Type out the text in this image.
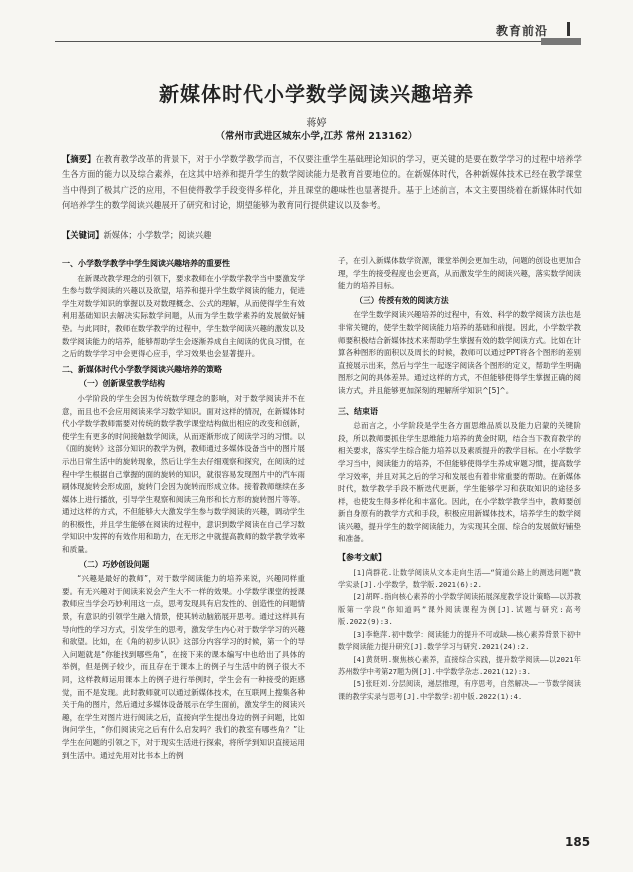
教育前沿
新媒体时代小学数学阅读兴趣培养
蒋婷
（常州市武进区城东小学,江苏 常州 213162）
【摘要】在教育教学改革的背景下，对于小学数学教学而言，不仅要注重学生基础理论知识的学习，更关键的是要在数学学习的过程中培养学生各方面的能力以及综合素养，在这其中培养和提升学生的数学阅读能力是教育首要地位的。在新媒体时代，各种新媒体技术已经在教学课堂当中得到了极其广泛的应用，不但使得教学手段变得多样化，并且课堂的趣味性也显著提升。基于上述前言，本文主要围绕着在新媒体时代如何培养学生的数学阅读兴趣展开了研究和讨论，期望能够为教育同行提供建议以及参考。
【关键词】新媒体；小学数学；阅读兴趣
一、小学数学教学中学生阅读兴趣培养的重要性

在新课改教学理念的引领下，要求教师在小学数学教学当中要激发学生参与数学阅读的兴趣以及欲望，培养和提升学生数学阅读的能力，促进学生对数学知识的掌握以及对数理概念、公式的理解，从而使得学生有效利用基础知识去解决实际数学问题，从而为学生数学素养的发展做好铺垫。与此同时，教师在数学教学的过程中，学生数学阅读兴趣的激发以及数学阅读能力的培养，能够帮助学生会逐渐养成自主阅读的优良习惯，在之后的数学学习中会更得心应手，学习效果也会显著提升。

二、新媒体时代小学数学阅读兴趣培养的策略
（一）创新课堂教学结构

小学阶段的学生会因为传统数学理念的影响，对于数学阅读并不在意，而且也不会应用阅读来学习数学知识。面对这样的情况，在新媒体时代小学数学教师需要对传统的数学教学课堂结构做出相应的改变和创新，使学生有更多的时间接触数学阅读，从而逐渐形成了阅读学习的习惯。以《面的旋转》这部分知识的教学为例，教师通过多媒体设备当中的图片展示出日常生活中的旋转现象，然后让学生去仔细观察和探究，在阅读的过程中学生根据自己掌握的面的旋转的知识，就很容易发现图片中的汽车雨刷体现旋转会形成面，旋转门会因为旋转而形成立体。接着教师继续在多媒体上进行播放，引导学生观察和阅读三角形和长方形的旋转图片等等。通过这样的方式，不但能够大大激发学生参与数学阅读的兴趣，调动学生的积极性，并且学生能够在阅读的过程中，意识到数学阅读在自己学习数学知识中发挥的有效作用和助力，在无形之中就提高教师的数学教学效率和质量。

（二）巧妙创设问题

“兴趣是最好的教师”，对于数学阅读能力的培养来说，兴趣同样重要。有无兴趣对于阅读来说会产生大不一样的效果。小学数学课堂的授课教师应当学会巧妙利用这一点，思考发现具有启发性的、创造性的问题情景，有意识的引领学生融入情景，使其转动脑筋展开思考。通过这样具有导向性的学习方式，引发学生的思考，激发学生内心对于数学学习的兴趣和欲望。比如，在《角的初步认识》这部分内容学习的时候，第一个的导入问题就是“你能找到哪些角”，在接下来的课本编写中也给出了具体的举例，但是例子较少，而且存在于课本上的例子与生活中的例子很大不同，这样教师运用课本上的例子进行举例时，学生会有一种接受的距感觉，而不是发现。此时教师就可以通过新媒体技术，在互联网上搜集各种关于角的图片，然后通过多媒体设备展示在学生面前，激发学生的阅读兴趣，在学生对图片进行阅读之后，直接向学生提出身边的例子问题，比如询问学生，“你们阅读完之后有什么启发吗？我们的教室有哪些角？”让学生在问题的引领之下，对于现实生活进行探索，将所学到知识直接运用到生活中。通过先用对比书本上的例

子，在引入新媒体数学资源，课堂举例会更加生动，问题的创设也更加合理，学生的接受程度也会更高，从而激发学生的阅读兴趣，落实数学阅读能力的培养目标。

（三）传授有效的阅读方法

在学生数学阅读兴趣培养的过程中，有效、科学的数学阅读方法也是非常关键的，使学生数学阅读能力培养的基础和前提。因此，小学数学教师要积极结合新媒体技术来帮助学生掌握有效的数学阅读方式。比如在计算各种图形的面积以及周长的时候，教师可以通过PPT将各个图形的差别直接展示出来，然后与学生一起逐字阅读各个图形的定义，帮助学生明确图形之间的具体差异。通过这样的方式，不但能够使得学生掌握正确的阅读方式，并且能够更加深刻的理解所学知识^[5]^。

三、结束语

总而言之，小学阶段是学生各方面思维品质以及能力启蒙的关键阶段，所以教师要抓住学生思维能力培养的黄金时期，结合当下教育教学的相关要求，落实学生综合能力培养以及素质提升的教学目标。在小学数学学习当中，阅读能力的培养，不但能够使得学生养成审题习惯，提高数学学习效率，并且对其之后的学习和发展也有着非常重要的帮助。在新媒体时代，数学教学手段不断迭代更新，学生能够学习和获取知识的途径多样，也使发生得多样化和丰富化。因此，在小学数学教学当中，教师要创新自身原有的教学方式和手段，积极应用新媒体技术，培养学生的数学阅读兴趣，提升学生的数学阅读能力，为实现其全面、综合的发展做好铺垫和准备。

【参考文献】

[1]尚群花.让数学阅读从文本走向生活——“简道公路上的测选问题”教学实录[J].小学数学，数学版.2021(6):2.

[2]胡晖.指向核心素养的小学数学阅读拓展深度教学设计策略——以苏教版第一学段“你知道吗”课外阅读课程为例[J].试题与研究:高考版.2022(9):3.

[3]李艳萍.初中数学：阅读能力的提升不可或缺——核心素养背景下初中数学阅读能力提升研究[J].数学学习与研究.2021(24):2.

[4]黄贤明.聚焦核心素养，直接综合实践，提升数学阅读——以2021年苏州数学中考第27题为例[J].中学数学杂志.2021(12):3.

[5]张旺刘.分层阅读，递层推理，有序思考，自然解决——一节数学阅读课的教学实录与思考[J].中学数学:初中版.2022(1):4.

185
